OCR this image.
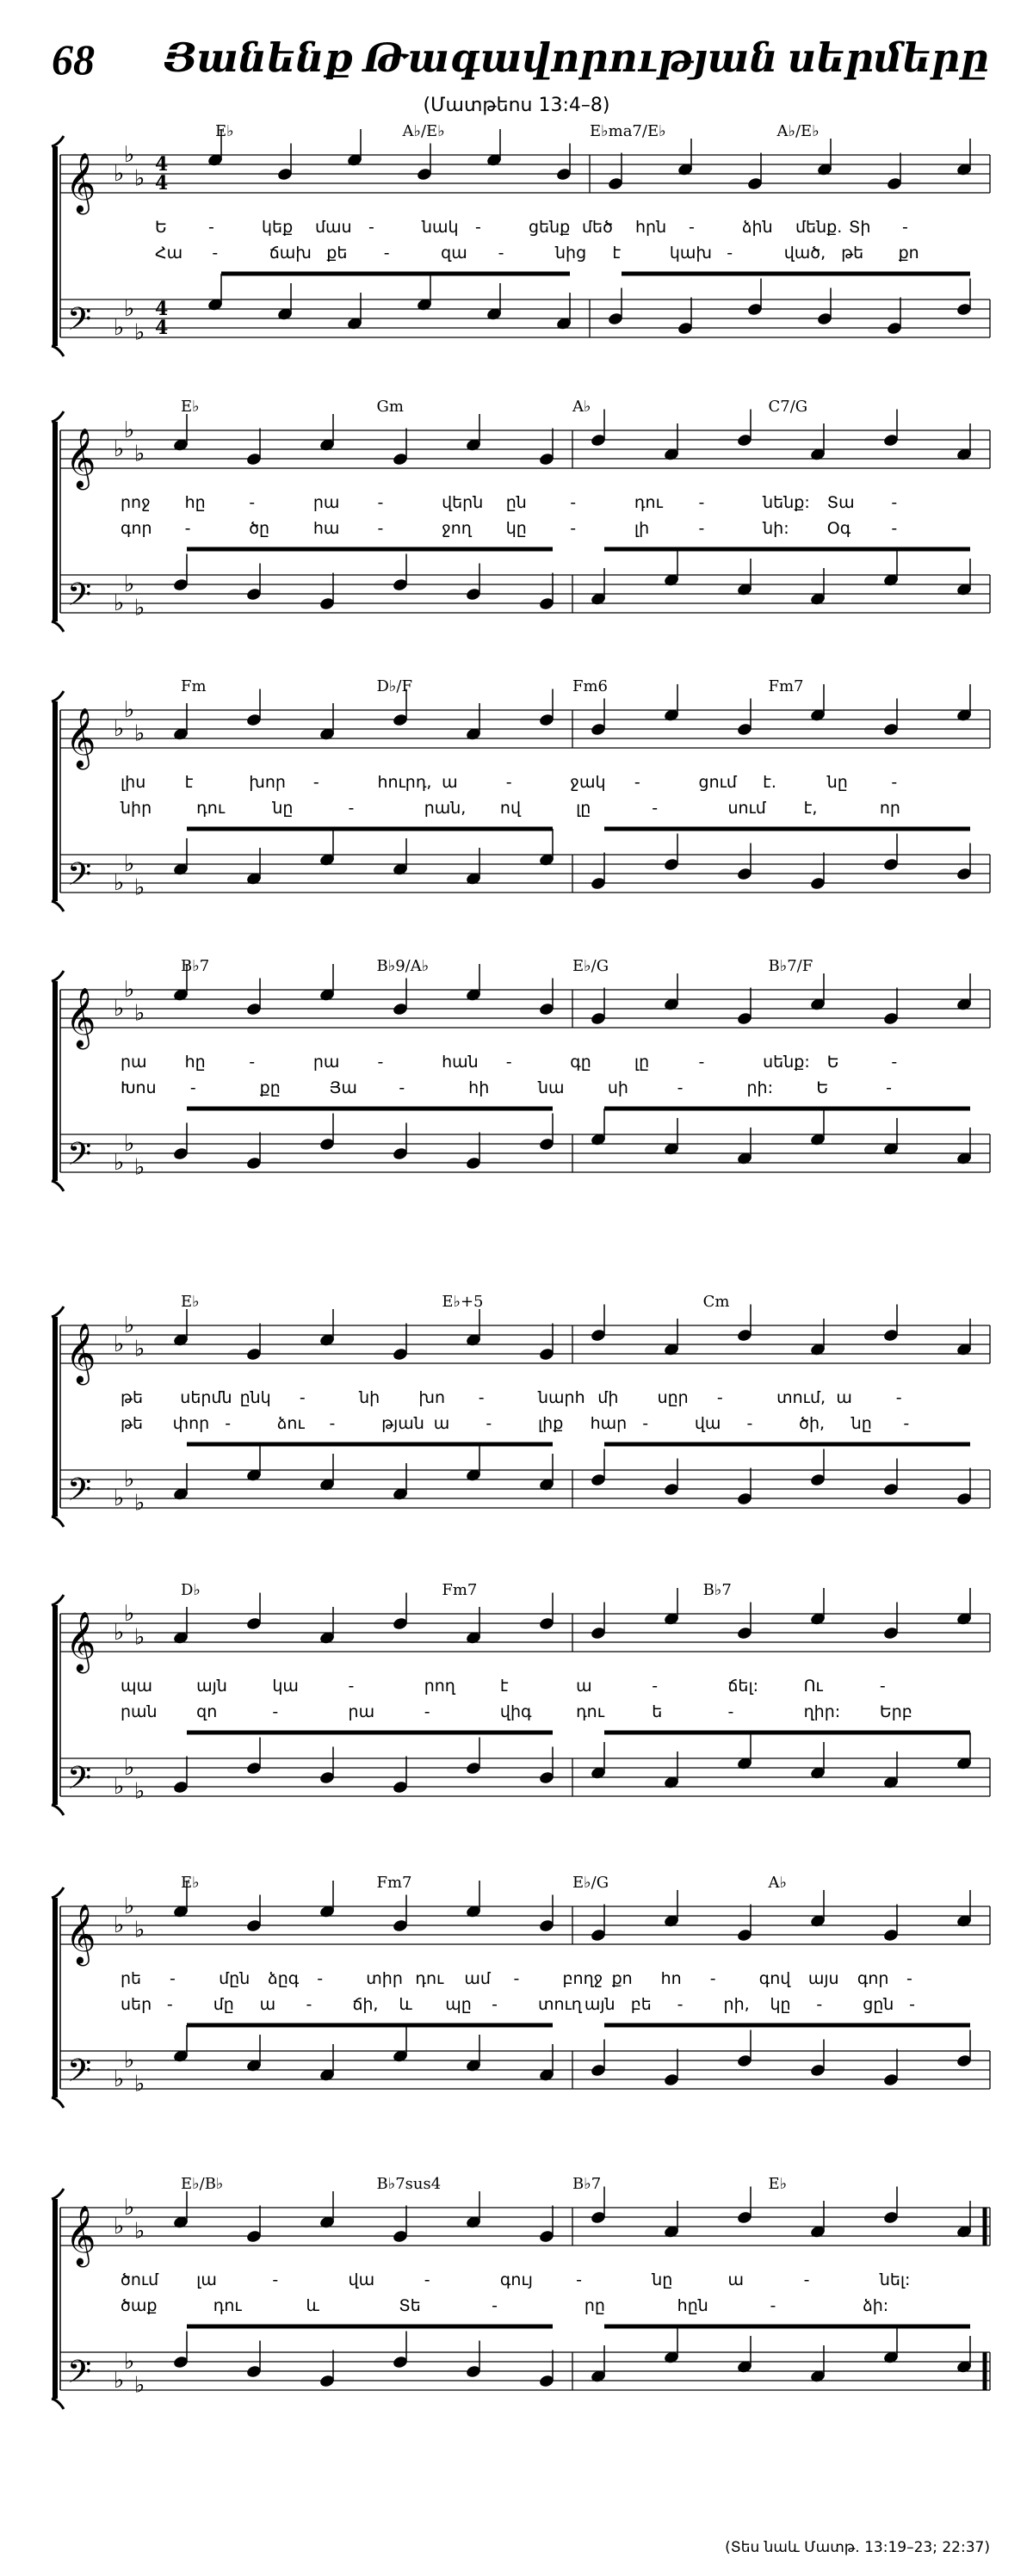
68 Յանենք Թագավորության սերմերը
(Մատթեոս 13:4–8)
𝄞
𝄢
♭
♭
♭
♭
♭
♭
4
4
4
4
E♭	A♭/E♭	E♭ma7/E♭	A♭/E♭
Ե	-	կեք մաս -	նակ -	ցենք մեծ հրն -	ձին մենք. Տի -
Հա -	ճախ քե -	զա -	նից է	կախ -	ված, թե քո
𝄞
𝄢
♭
♭
♭
♭
♭
♭
E♭	Gm	A♭	C7/G
րոջ հը	-	րա -	վերն ըն	-	դու -	նենք: Տա -
գոր -	ծը	հա -	ջող կը	-	լի	-	նի: Օգ -
𝄞
𝄢
♭
♭
♭
♭
♭
♭
Fm	D♭/F	Fm6	Fm7
լիս է	խոր -	հուրդ, ա	-	ջակ -	ցում է.	նը	-
նիր	դու	նը	-	րան, ով	լը	-	սում է,	որ
𝄞
𝄢
♭
♭
♭
♭
♭
♭
B♭7	B♭9/A♭	E♭/G	B♭7/F
րա հը	-	րա -	հան -	գը	լը	-	սենք: Ե	-
Խոս -	քը	Յա	-	հի	նա	սի	-	րի:	Ե	-
𝄞
𝄢
♭
♭
♭
♭
♭
♭
E♭	E♭+5	Cm
թե սերմն ընկ -	նի խո -	նարհ մի սըր -	տում, ա	-
թե փոր -	ձու -	թյան ա -	լիք հար -	վա -	ծի, նը -
𝄞
𝄢
♭
♭
♭
♭
♭
♭
D♭	Fm7	B♭7
պա	այն	կա	-	րող	է	ա	-	ճել:	Ու	-
րան զո	-	րա	-	վիգ	դու	ե	-	ղիր: Երբ
𝄞
𝄢
♭
♭
♭
♭
♭
♭
E♭	Fm7	E♭/G	A♭
րե -	մըն ձըգ -	տիր դու ամ -	բողջ քո հո -	գով այս գոր -
սեր - մը ա - ճի, և պը - տուղ այն բե - րի, կը - ցըն -
𝄞
𝄢
♭
♭
♭
♭
♭
♭
E♭/B♭	B♭7sus4	B♭7	E♭
ծում լա	-	վա	-	գույ	-	նը	ա	-	նել:
ծաք	դու	և	Տե	-	րը	հըն	-	ձի:
(Տես նաև Մատթ. 13:19–23; 22:37)
